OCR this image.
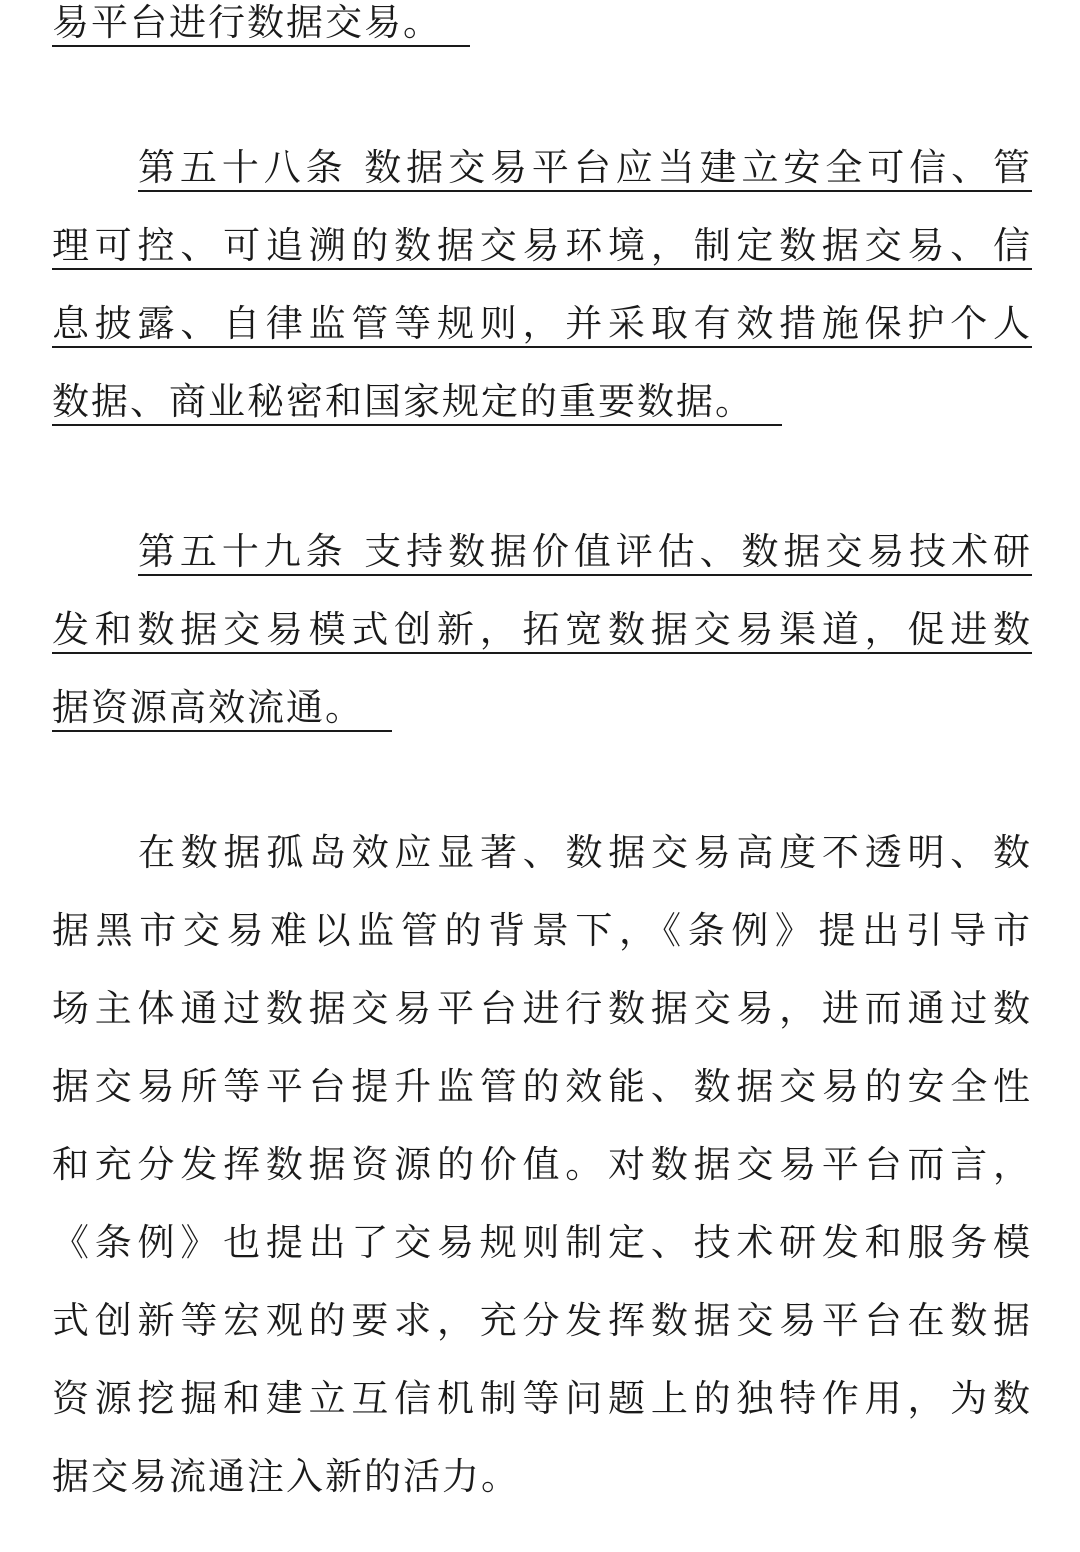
易平台进行数据交易。
第五十八条 数据交易平台应当建立安全可信、管
理可控、可追溯的数据交易环境，制定数据交易、信
息披露、自律监管等规则，并采取有效措施保护个人
数据、商业秘密和国家规定的重要数据。
第五十九条 支持数据价值评估、数据交易技术研
发和数据交易模式创新，拓宽数据交易渠道，促进数
据资源高效流通。
在数据孤岛效应显著、数据交易高度不透明、数
据黑市交易难以监管的背景下，《条例》提出引导市
场主体通过数据交易平台进行数据交易，进而通过数
据交易所等平台提升监管的效能、数据交易的安全性
和充分发挥数据资源的价值。对数据交易平台而言，
《条例》也提出了交易规则制定、技术研发和服务模
式创新等宏观的要求，充分发挥数据交易平台在数据
资源挖掘和建立互信机制等问题上的独特作用，为数
据交易流通注入新的活力。
